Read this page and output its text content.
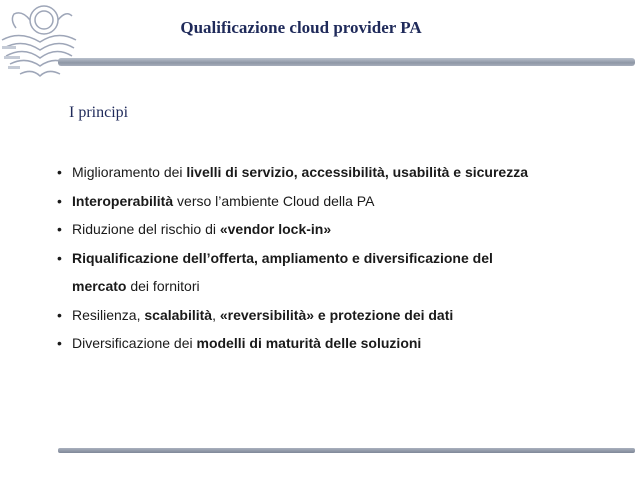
Qualificazione cloud provider PA
I principi
• Miglioramento dei livelli di servizio, accessibilità, usabilità e sicurezza
• Interoperabilità verso l’ambiente Cloud della PA
• Riduzione del rischio di «vendor lock-in»
• Riqualificazione dell’offerta, ampliamento e diversificazione del
mercato dei fornitori
• Resilienza, scalabilità, «reversibilità» e protezione dei dati
• Diversificazione dei modelli di maturità delle soluzioni
